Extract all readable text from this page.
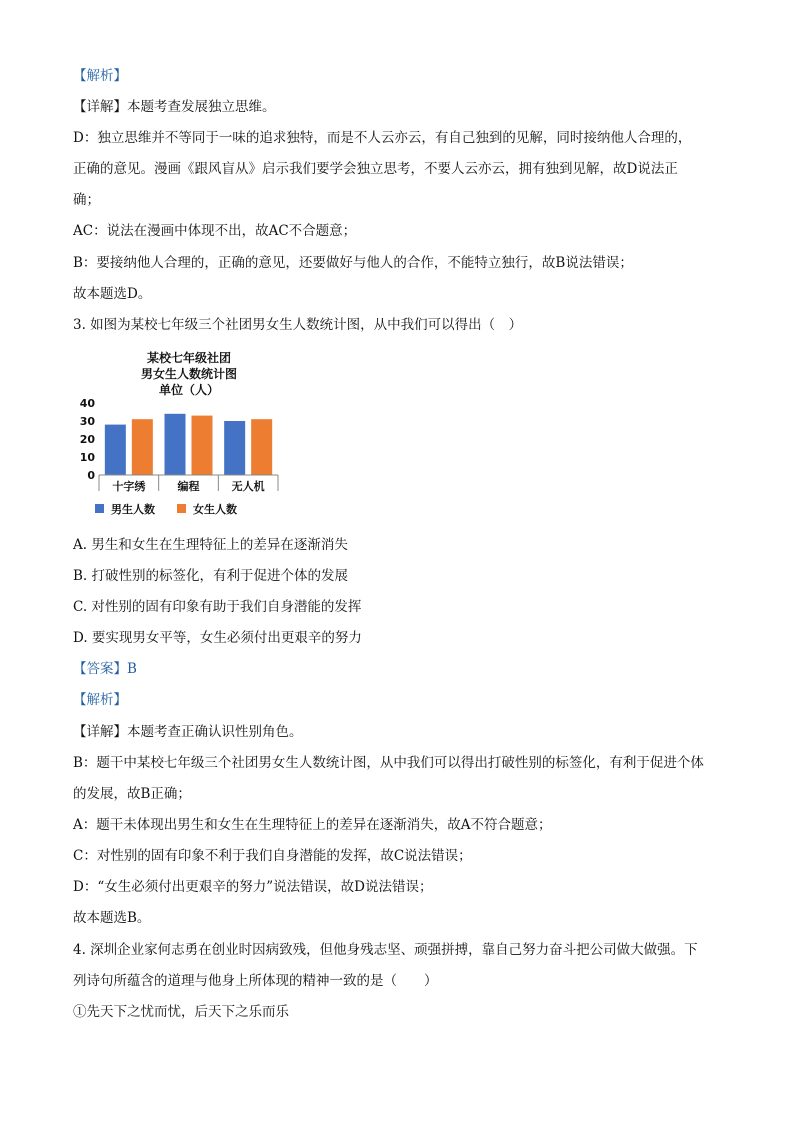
【解析】
【详解】本题考查发展独立思维。
D：独立思维并不等同于一味的追求独特，而是不人云亦云，有自己独到的见解，同时接纳他人合理的，
正确的意见。漫画《跟风盲从》启示我们要学会独立思考，不要人云亦云，拥有独到见解，故D说法正
确；
AC：说法在漫画中体现不出，故AC不合题意；
B：要接纳他人合理的，正确的意见，还要做好与他人的合作，不能特立独行，故B说法错误；
故本题选D。
3. 如图为某校七年级三个社团男女生人数统计图，从中我们可以得出（　）
某校七年级社团
男女生人数统计图
单位（人）
40
30
20
10
0
十字绣	编程	无人机
男生人数	女生人数
A. 男生和女生在生理特征上的差异在逐渐消失
B. 打破性别的标签化，有利于促进个体的发展
C. 对性别的固有印象有助于我们自身潜能的发挥
D. 要实现男女平等，女生必须付出更艰辛的努力
【答案】B
【解析】
【详解】本题考查正确认识性别角色。
B：题干中某校七年级三个社团男女生人数统计图，从中我们可以得出打破性别的标签化，有利于促进个体
的发展，故B正确；
A：题干未体现出男生和女生在生理特征上的差异在逐渐消失，故A不符合题意；
C：对性别的固有印象不利于我们自身潜能的发挥，故C说法错误；
D：“女生必须付出更艰辛的努力”说法错误，故D说法错误；
故本题选B。
4. 深圳企业家何志勇在创业时因病致残，但他身残志坚、顽强拼搏，靠自己努力奋斗把公司做大做强。下
列诗句所蕴含的道理与他身上所体现的精神一致的是（　　）
①先天下之忧而忧，后天下之乐而乐
